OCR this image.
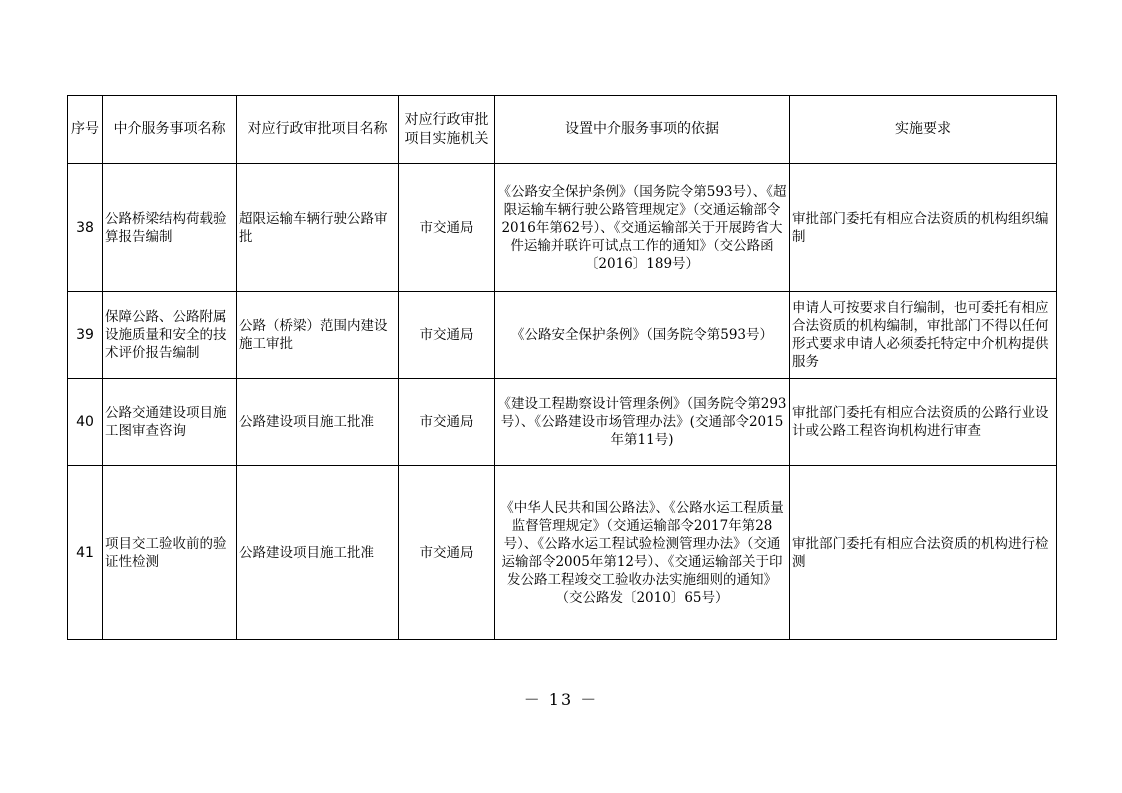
序号	中介服务事项名称	对应行政审批项目名称	对应行政审批项目实施机关	设置中介服务事项的依据	实施要求
38	公路桥梁结构荷载验算报告编制	超限运输车辆行驶公路审批	市交通局	《公路安全保护条例》（国务院令第593号）、《超限运输车辆行驶公路管理规定》（交通运输部令2016年第62号）、《交通运输部关于开展跨省大件运输并联许可试点工作的通知》（交公路函〔2016〕189号）	审批部门委托有相应合法资质的机构组织编制
39	保障公路、公路附属设施质量和安全的技术评价报告编制	公路（桥梁）范围内建设施工审批	市交通局	《公路安全保护条例》（国务院令第593号）	申请人可按要求自行编制，也可委托有相应合法资质的机构编制，审批部门不得以任何形式要求申请人必须委托特定中介机构提供服务
40	公路交通建设项目施工图审查咨询	公路建设项目施工批准	市交通局	《建设工程勘察设计管理条例》（国务院令第293号）、《公路建设市场管理办法》(交通部令2015年第11号)	审批部门委托有相应合法资质的公路行业设计或公路工程咨询机构进行审查
41	项目交工验收前的验证性检测	公路建设项目施工批准	市交通局	《中华人民共和国公路法》、《公路水运工程质量监督管理规定》（交通运输部令2017年第28号）、《公路水运工程试验检测管理办法》（交通运输部令2005年第12号）、《交通运输部关于印发公路工程竣交工验收办法实施细则的通知》（交公路发〔2010〕65号）	审批部门委托有相应合法资质的机构进行检测
－ 13 －
